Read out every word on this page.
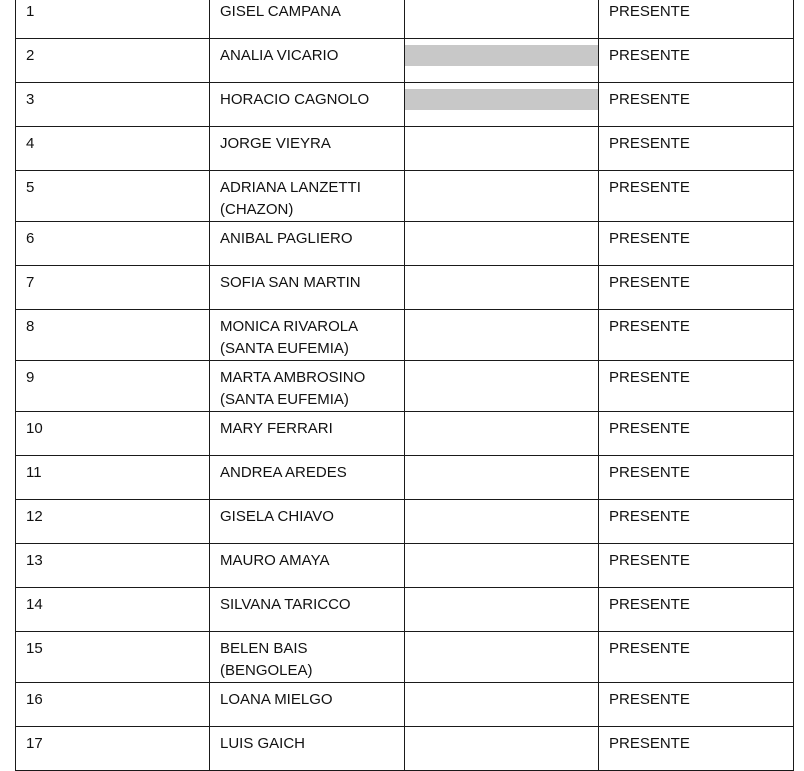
1	GISEL CAMPANA		PRESENTE

2	ANALIA VICARIO		PRESENTE

3	HORACIO CAGNOLO		PRESENTE

4	JORGE VIEYRA		PRESENTE

5	ADRIANA LANZETTI
(CHAZON)		PRESENTE

6	ANIBAL PAGLIERO		PRESENTE

7	SOFIA SAN MARTIN		PRESENTE

8	MONICA RIVAROLA
(SANTA EUFEMIA)		PRESENTE

9	MARTA AMBROSINO
(SANTA EUFEMIA)		PRESENTE

10	MARY FERRARI		PRESENTE

11	ANDREA AREDES		PRESENTE

12	GISELA CHIAVO		PRESENTE

13	MAURO AMAYA		PRESENTE

14	SILVANA TARICCO		PRESENTE

15	BELEN BAIS (BENGOLEA)		PRESENTE

16	LOANA MIELGO		PRESENTE

17	LUIS GAICH		PRESENTE
